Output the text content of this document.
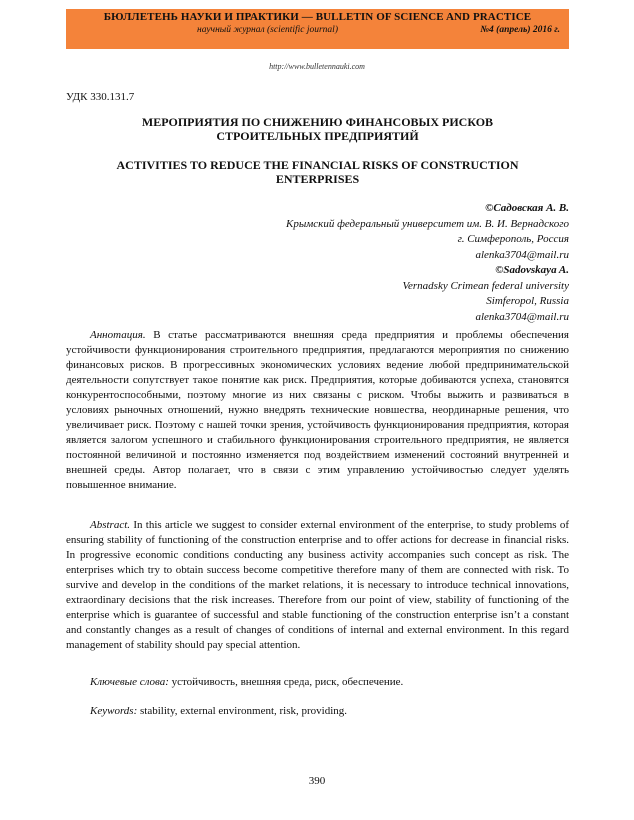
БЮЛЛЕТЕНЬ НАУКИ И ПРАКТИКИ — BULLETIN OF SCIENCE AND PRACTICE
научный журнал (scientific journal)	№4 (апрель) 2016 г.
http://www.bulletennauki.com
УДК 330.131.7
МЕРОПРИЯТИЯ ПО СНИЖЕНИЮ ФИНАНСОВЫХ РИСКОВ
СТРОИТЕЛЬНЫХ ПРЕДПРИЯТИЙ
ACTIVITIES TO REDUCE THE FINANCIAL RISKS OF CONSTRUCTION
ENTERPRISES
©Садовская А. В.
Крымский федеральный университет им. В. И. Вернадского
г. Симферополь, Россия
alenka3704@mail.ru
©Sadovskaya A.
Vernadsky Crimean federal university
Simferopol, Russia
alenka3704@mail.ru

Аннотация. В статье рассматриваются внешняя среда предприятия и проблемы обеспечения устойчивости функционирования строительного предприятия, предлагаются мероприятия по снижению финансовых рисков. В прогрессивных экономических условиях ведение любой предпринимательской деятельности сопутствует такое понятие как риск. Предприятия, которые добиваются успеха, становятся конкурентоспособными, поэтому многие из них связаны с риском. Чтобы выжить и развиваться в условиях рыночных отношений, нужно внедрять технические новшества, неординарные решения, что увеличивает риск. Поэтому с нашей точки зрения, устойчивость функционирования предприятия, которая является залогом успешного и стабильного функционирования строительного предприятия, не является постоянной величиной и постоянно изменяется под воздействием изменений состояний внутренней и внешней среды. Автор полагает, что в связи с этим управлению устойчивостью следует уделять повышенное внимание.

Abstract. In this article we suggest to consider external environment of the enterprise, to study problems of ensuring stability of functioning of the construction enterprise and to offer actions for decrease in financial risks. In progressive economic conditions conducting any business activity accompanies such concept as risk. The enterprises which try to obtain success become competitive therefore many of them are connected with risk. To survive and develop in the conditions of the market relations, it is necessary to introduce technical innovations, extraordinary decisions that the risk increases. Therefore from our point of view, stability of functioning of the enterprise which is guarantee of successful and stable functioning of the construction enterprise isn’t a constant and constantly changes as a result of changes of conditions of internal and external environment. In this regard management of stability should pay special attention.

Ключевые слова: устойчивость, внешняя среда, риск, обеспечение.

Keywords: stability, external environment, risk, providing.

390
